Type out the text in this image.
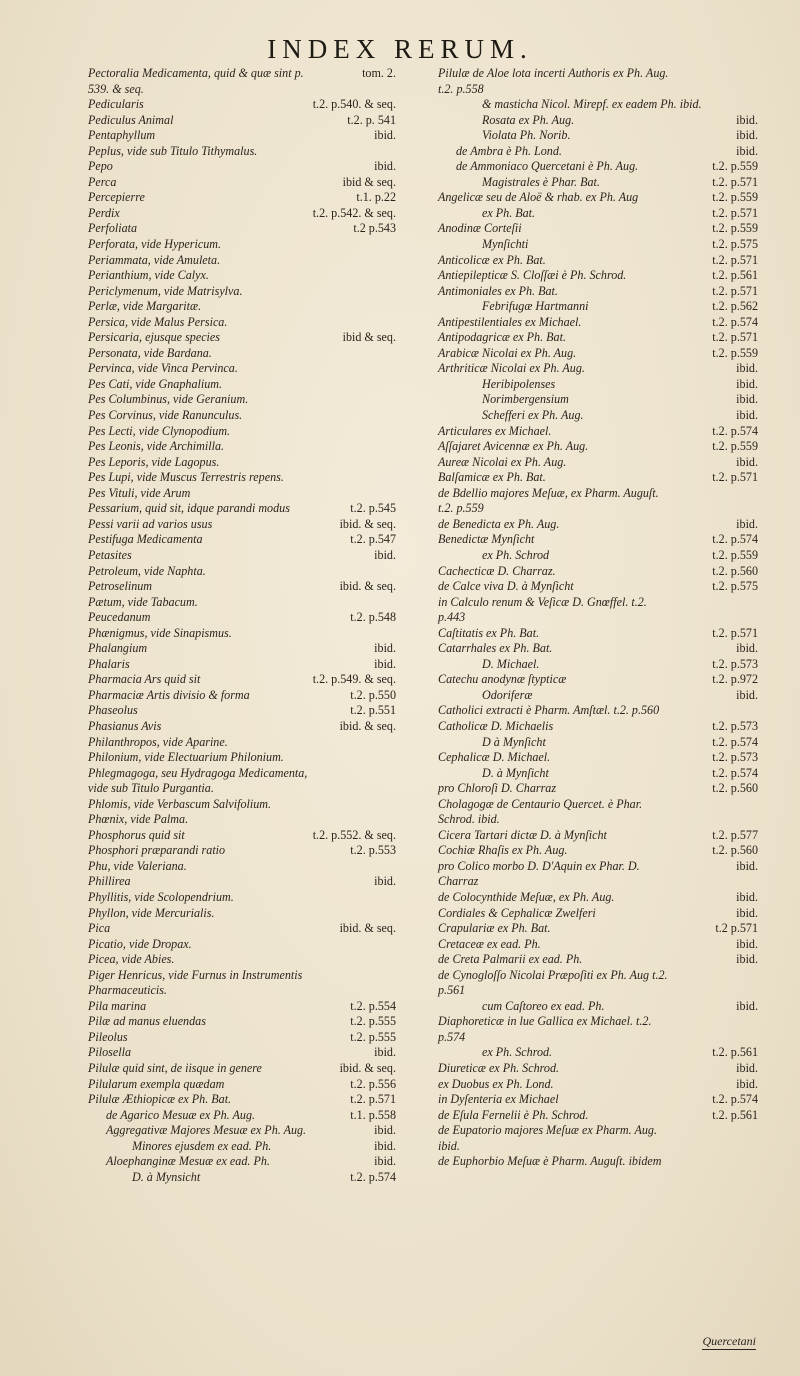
INDEX RERUM.
Pectoralia Medicamenta, quid & quæ sint p. 539. & seq.
tom. 2.
Pedicularis	t.2. p.540. & seq.
Pediculus Animal	t.2. p. 541
Pentaphyllum	ibid.
Peplus, vide sub Titulo Tithymalus.
Pepo	ibid.
Perca	ibid & seq.
Percepierre	t.1. p.22
Perdix	t.2. p.542. & seq.
Perfoliata	t.2 p.543
Perforata, vide Hypericum.
Periammata, vide Amuleta.
Perianthium, vide Calyx.
Periclymenum, vide Matrisylva.
Perlæ, vide Margaritæ.
Persica, vide Malus Persica.
Persicaria, ejusque species	ibid & seq.
Personata, vide Bardana.
Pervinca, vide Vinca Pervinca.
Pes Cati, vide Gnaphalium.
Pes Columbinus, vide Geranium.
Pes Corvinus, vide Ranunculus.
Pes Lecti, vide Clynopodium.
Pes Leonis, vide Archimilla.
Pes Leporis, vide Lagopus.
Pes Lupi, vide Muscus Terrestris repens.
Pes Vituli, vide Arum
Pessarium, quid sit, idque parandi modus	t.2. p.545
Pessi varii ad varios usus	ibid. & seq.
Pestifuga Medicamenta	t.2. p.547
Petasites	ibid.
Petroleum, vide Naphta.
Petroselinum	ibid. & seq.
Pætum, vide Tabacum.
Peucedanum	t.2. p.548
Phænigmus, vide Sinapismus.
Phalangium	ibid.
Phalaris	ibid.
Pharmacia Ars quid sit	t.2. p.549. & seq.
Pharmaciæ Artis divisio & forma	t.2. p.550
Phaseolus	t.2. p.551
Phasianus Avis	ibid. & seq.
Philanthropos, vide Aparine.
Philonium, vide Electuarium Philonium.
Phlegmagoga, seu Hydragoga Medicamenta, vide sub Titulo Purgantia.
Phlomis, vide Verbascum Salvifolium.
Phœnix, vide Palma.
Phosphorus quid sit	t.2. p.552. & seq.
Phosphori præparandi ratio	t.2. p.553
Phu, vide Valeriana.
Phillirea	ibid.
Phyllitis, vide Scolopendrium.
Phyllon, vide Mercurialis.
Pica	ibid. & seq.
Picatio, vide Dropax.
Picea, vide Abies.
Piger Henricus, vide Furnus in Instrumentis Pharmaceuticis.
Pila marina	t.2. p.554
Pilæ ad manus eluendas	t.2. p.555
Pileolus	t.2. p.555
Pilosella	ibid.
Pilulæ quid sint, de iisque in genere	ibid. & seq.
Pilularum exempla quædam	t.2. p.556
Pilulæ Æthiopicæ ex Ph. Bat.	t.2. p.571
de Agarico Mesuæ ex Ph. Aug.	t.1. p.558
Aggregativæ Majores Mesuæ ex Ph. Aug.	ibid.
Minores ejusdem ex ead. Ph.	ibid.
Aloephanginæ Mesuæ ex ead. Ph.	ibid.
D. à Mynsicht	t.2. p.574
Pilulæ de Aloe lota incerti Authoris ex Ph. Aug. t.2. p.558
& masticha Nicol. Mirepf. ex eadem Ph. ibid.
Rosata ex Ph. Aug.	ibid.
Violata Ph. Norib.	ibid.
de Ambra è Ph. Lond.	ibid.
de Ammoniaco Quercetani è Ph. Aug.	t.2. p.559
Magistrales è Phar. Bat.	t.2. p.571
Angelicæ seu de Aloë & rhab. ex Ph. Aug	t.2. p.559
ex Ph. Bat.	t.2. p.571
Anodinæ Corteſii	t.2. p.559
Mynſichti	t.2. p.575
Anticolicæ ex Ph. Bat.	t.2. p.571
Antiepilepticæ S. Cloſſæi è Ph. Schrod.	t.2. p.561
Antimoniales ex Ph. Bat.	t.2. p.571
Febrifugæ Hartmanni	t.2. p.562
Antipestilentiales ex Michael.	t.2. p.574
Antipodagricæ ex Ph. Bat.	t.2. p.571
Arabicæ Nicolai ex Ph. Aug.	t.2. p.559
Arthriticæ Nicolai ex Ph. Aug.	ibid.
Heribipolenses	ibid.
Norimbergensium	ibid.
Schefferi ex Ph. Aug.	ibid.
Articulares ex Michael.	t.2. p.574
Aſſajaret Avicennæ ex Ph. Aug.	t.2. p.559
Aureæ Nicolai ex Ph. Aug.	ibid.
Balſamicæ ex Ph. Bat.	t.2. p.571
de Bdellio majores Meſuæ, ex Pharm. Auguſt. t.2. p.559
de Benedicta ex Ph. Aug.	ibid.
Benedictæ Mynſicht	t.2. p.574
ex Ph. Schrod	t.2. p.559
Cachecticæ D. Charraz.	t.2. p.560
de Calce viva D. à Mynſicht	t.2. p.575
in Calculo renum & Veſicæ D. Gnœffel. t.2. p.443
Caſtitatis ex Ph. Bat.	t.2. p.571
Catarrhales ex Ph. Bat.	ibid.
D. Michael.	t.2. p.573
Catechu anodynæ ſtypticæ	t.2. p.972
Odoriferæ	ibid.
Catholici extracti è Pharm. Amſtæl. t.2. p.560
Catholicæ D. Michaelis	t.2. p.573
D à Mynſicht	t.2. p.574
Cephalicæ D. Michael.	t.2. p.573
D. à Mynſicht	t.2. p.574
pro Chloroſi D. Charraz	t.2. p.560
Cholagogæ de Centaurio Quercet. è Phar. Schrod. ibid.
Cicera Tartari dictæ D. à Mynſicht	t.2. p.577
Cochiæ Rhaſis ex Ph. Aug.	t.2. p.560
pro Colico morbo D. D'Aquin ex Phar. D. Charraz
ibid.
de Colocynthide Meſuæ, ex Ph. Aug.	ibid.
Cordiales & Cephalicæ Zwelferi	ibid.
Crapulariæ ex Ph. Bat.	t.2 p.571
Cretaceæ ex ead. Ph.	ibid.
de Creta Palmarii ex ead. Ph.	ibid.
de Cynogloſſo Nicolai Præpoſiti ex Ph. Aug t.2. p.561
cum Caſtoreo ex ead. Ph.	ibid.
Diaphoreticæ in lue Gallica ex Michael. t.2. p.574
ex Ph. Schrod.	t.2. p.561
Diureticæ ex Ph. Schrod.	ibid.
ex Duobus ex Ph. Lond.	ibid.
in Dyſenteria ex Michael	t.2. p.574
de Eſula Fernelii è Ph. Schrod.	t.2. p.561
de Eupatorio majores Meſuæ ex Pharm. Aug. ibid.
de Euphorbio Meſuæ è Pharm. Auguſt. ibidem
Quercetani
